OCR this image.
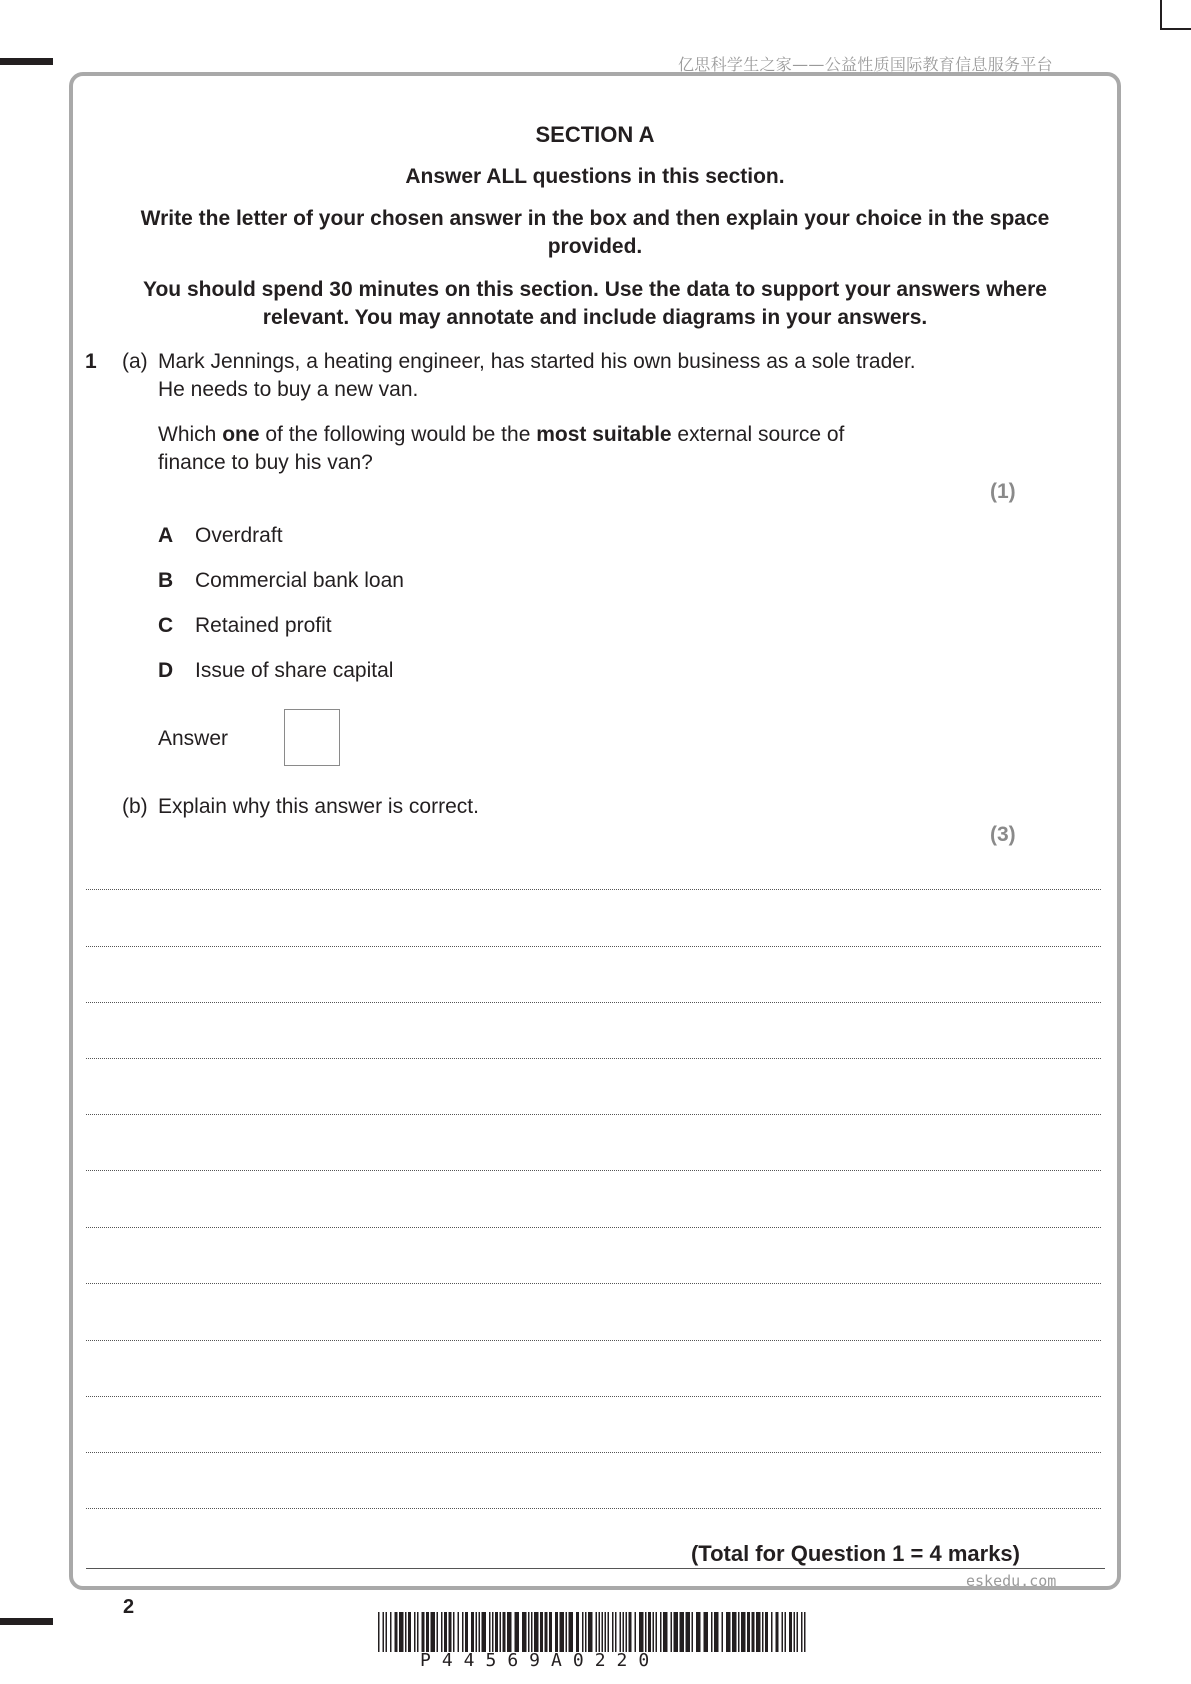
亿思科学生之家——公益性质国际教育信息服务平台
SECTION A
Answer ALL questions in this section.
Write the letter of your chosen answer in the box and then explain your choice in the space
provided.
You should spend 30 minutes on this section. Use the data to support your answers where
relevant. You may annotate and include diagrams in your answers.
1 (a) Mark Jennings, a heating engineer, has started his own business as a sole trader.
He needs to buy a new van.
Which one of the following would be the most suitable external source of
finance to buy his van?
(1)
A Overdraft
B Commercial bank loan
C Retained profit
D Issue of share capital
Answer
(b) Explain why this answer is correct.
(3)
(Total for Question 1 = 4 marks)
eskedu.com
2
P44569A0220
